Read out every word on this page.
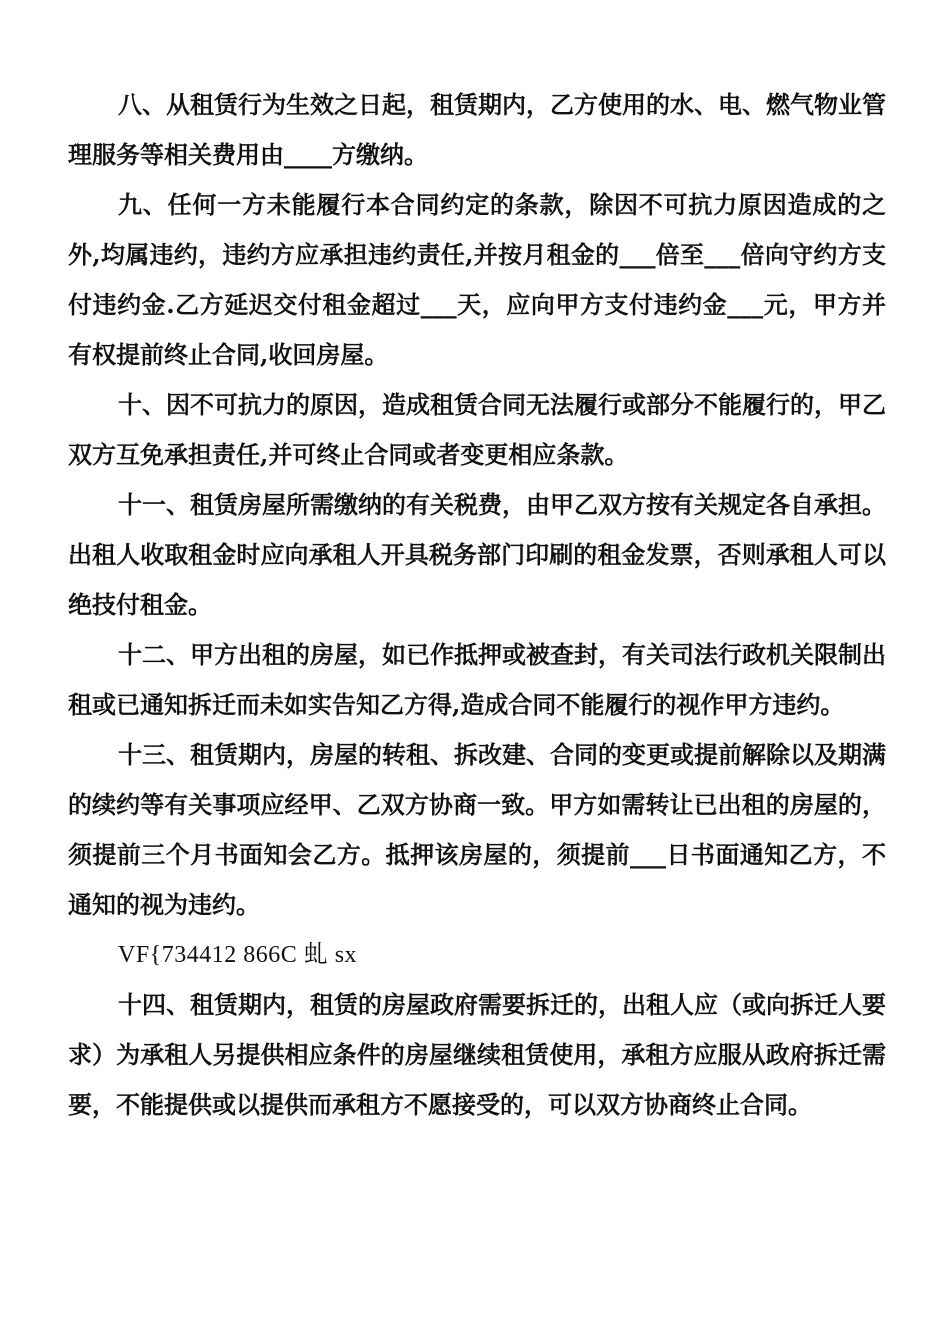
八、从租赁行为生效之日起，租赁期内，乙方使用的水、电、燃气物业管理服务等相关费用由____方缴纳。

九、任何一方未能履行本合同约定的条款，除因不可抗力原因造成的之外,均属违约，违约方应承担违约责任,并按月租金的___倍至___倍向守约方支付违约金.乙方延迟交付租金超过___天，应向甲方支付违约金___元，甲方并有权提前终止合同,收回房屋。

十、因不可抗力的原因，造成租赁合同无法履行或部分不能履行的，甲乙双方互免承担责任,并可终止合同或者变更相应条款。

十一、租赁房屋所需缴纳的有关税费，由甲乙双方按有关规定各自承担。出租人收取租金时应向承租人开具税务部门印刷的租金发票，否则承租人可以绝技付租金。

十二、甲方出租的房屋，如已作抵押或被查封，有关司法行政机关限制出租或已通知拆迁而未如实告知乙方得,造成合同不能履行的视作甲方违约。

十三、租赁期内，房屋的转租、拆改建、合同的变更或提前解除以及期满的续约等有关事项应经甲、乙双方协商一致。甲方如需转让已出租的房屋的，须提前三个月书面知会乙方。抵押该房屋的，须提前___日书面通知乙方，不通知的视为违约。

VF{734412 866C 虬 sx

十四、租赁期内，租赁的房屋政府需要拆迁的，出租人应（或向拆迁人要求）为承租人另提供相应条件的房屋继续租赁使用，承租方应服从政府拆迁需要，不能提供或以提供而承租方不愿接受的，可以双方协商终止合同。
